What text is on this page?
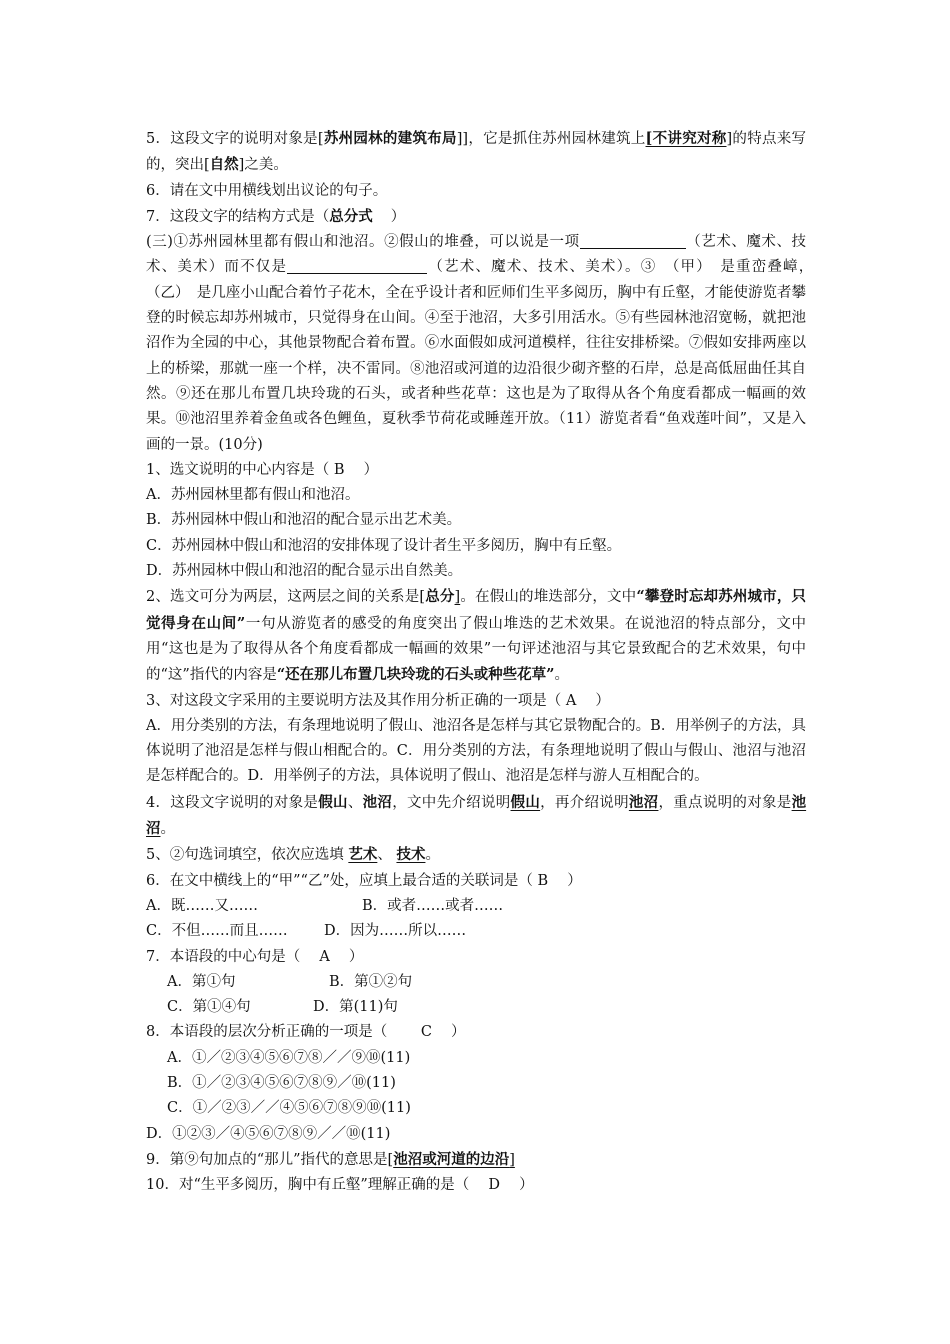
5．这段文字的说明对象是[苏州园林的建筑布局]]，它是抓住苏州园林建筑上[不讲究对称]的特点来写的，突出[自然]之美。

6．请在文中用横线划出议论的句子。

7．这段文字的结构方式是（总分式 ）

(三)①苏州园林里都有假山和池沼。②假山的堆叠，可以说是一项	（艺术、魔术、技术、美术）而不仅是	（艺术、魔术、技术、美术）。③　（甲）　是重峦叠嶂，　（乙）　是几座小山配合着竹子花木，全在乎设计者和匠师们生平多阅历，胸中有丘壑，才能使游览者攀登的时候忘却苏州城市，只觉得身在山间。④至于池沼，大多引用活水。⑤有些园林池沼宽畅，就把池沼作为全园的中心，其他景物配合着布置。⑥水面假如成河道模样，往往安排桥梁。⑦假如安排两座以上的桥梁，那就一座一个样，决不雷同。⑧池沼或河道的边沿很少砌齐整的石岸，总是高低屈曲任其自然。⑨还在那儿布置几块玲珑的石头，或者种些花草：这也是为了取得从各个角度看都成一幅画的效果。⑩池沼里养着金鱼或各色鲤鱼，夏秋季节荷花或睡莲开放。（11）游览者看“鱼戏莲叶间”，又是入画的一景。(10分)

1、选文说明的中心内容是（ B　 ）

A．苏州园林里都有假山和池沼。

B．苏州园林中假山和池沼的配合显示出艺术美。

C．苏州园林中假山和池沼的安排体现了设计者生平多阅历，胸中有丘壑。

D．苏州园林中假山和池沼的配合显示出自然美。

2、选文可分为两层，这两层之间的关系是[总分]。在假山的堆迭部分，文中“攀登时忘却苏州城市，只觉得身在山间”一句从游览者的感受的角度突出了假山堆迭的艺术效果。在说池沼的特点部分，文中用“这也是为了取得从各个角度看都成一幅画的效果”一句评述池沼与其它景致配合的艺术效果，句中的“这”指代的内容是“还在那儿布置几块玲珑的石头或种些花草”。

3、对这段文字采用的主要说明方法及其作用分析正确的一项是（ A　 ）

A．用分类别的方法，有条理地说明了假山、池沼各是怎样与其它景物配合的。B．用举例子的方法，具体说明了池沼是怎样与假山相配合的。C．用分类别的方法，有条理地说明了假山与假山、池沼与池沼是怎样配合的。D．用举例子的方法，具体说明了假山、池沼是怎样与游人互相配合的。

4．这段文字说明的对象是假山、池沼，文中先介绍说明假山，再介绍说明池沼，重点说明的对象是池沼。

5、②句选词填空，依次应选填 艺术、 技术。

6．在文中横线上的“甲”“乙”处，应填上最合适的关联词是（ B　 ）

A．既……又……	B．或者……或者……

C．不但……而且……	D．因为……所以……

7．本语段的中心句是（　 A　 ）

A．第①句	B．第①②句

C．第①④句	D．第(11)句

8．本语段的层次分析正确的一项是（　　 C　 ）

A．①／②③④⑤⑥⑦⑧／／⑨⑩(11)

B．①／②③④⑤⑥⑦⑧⑨／⑩(11)

C．①／②③／／④⑤⑥⑦⑧⑨⑩(11)

D．①②③／④⑤⑥⑦⑧⑨／／⑩(11)

9．第⑨句加点的“那儿”指代的意思是[池沼或河道的边沿]

10．对“生平多阅历，胸中有丘壑”理解正确的是（　 D　 ）
